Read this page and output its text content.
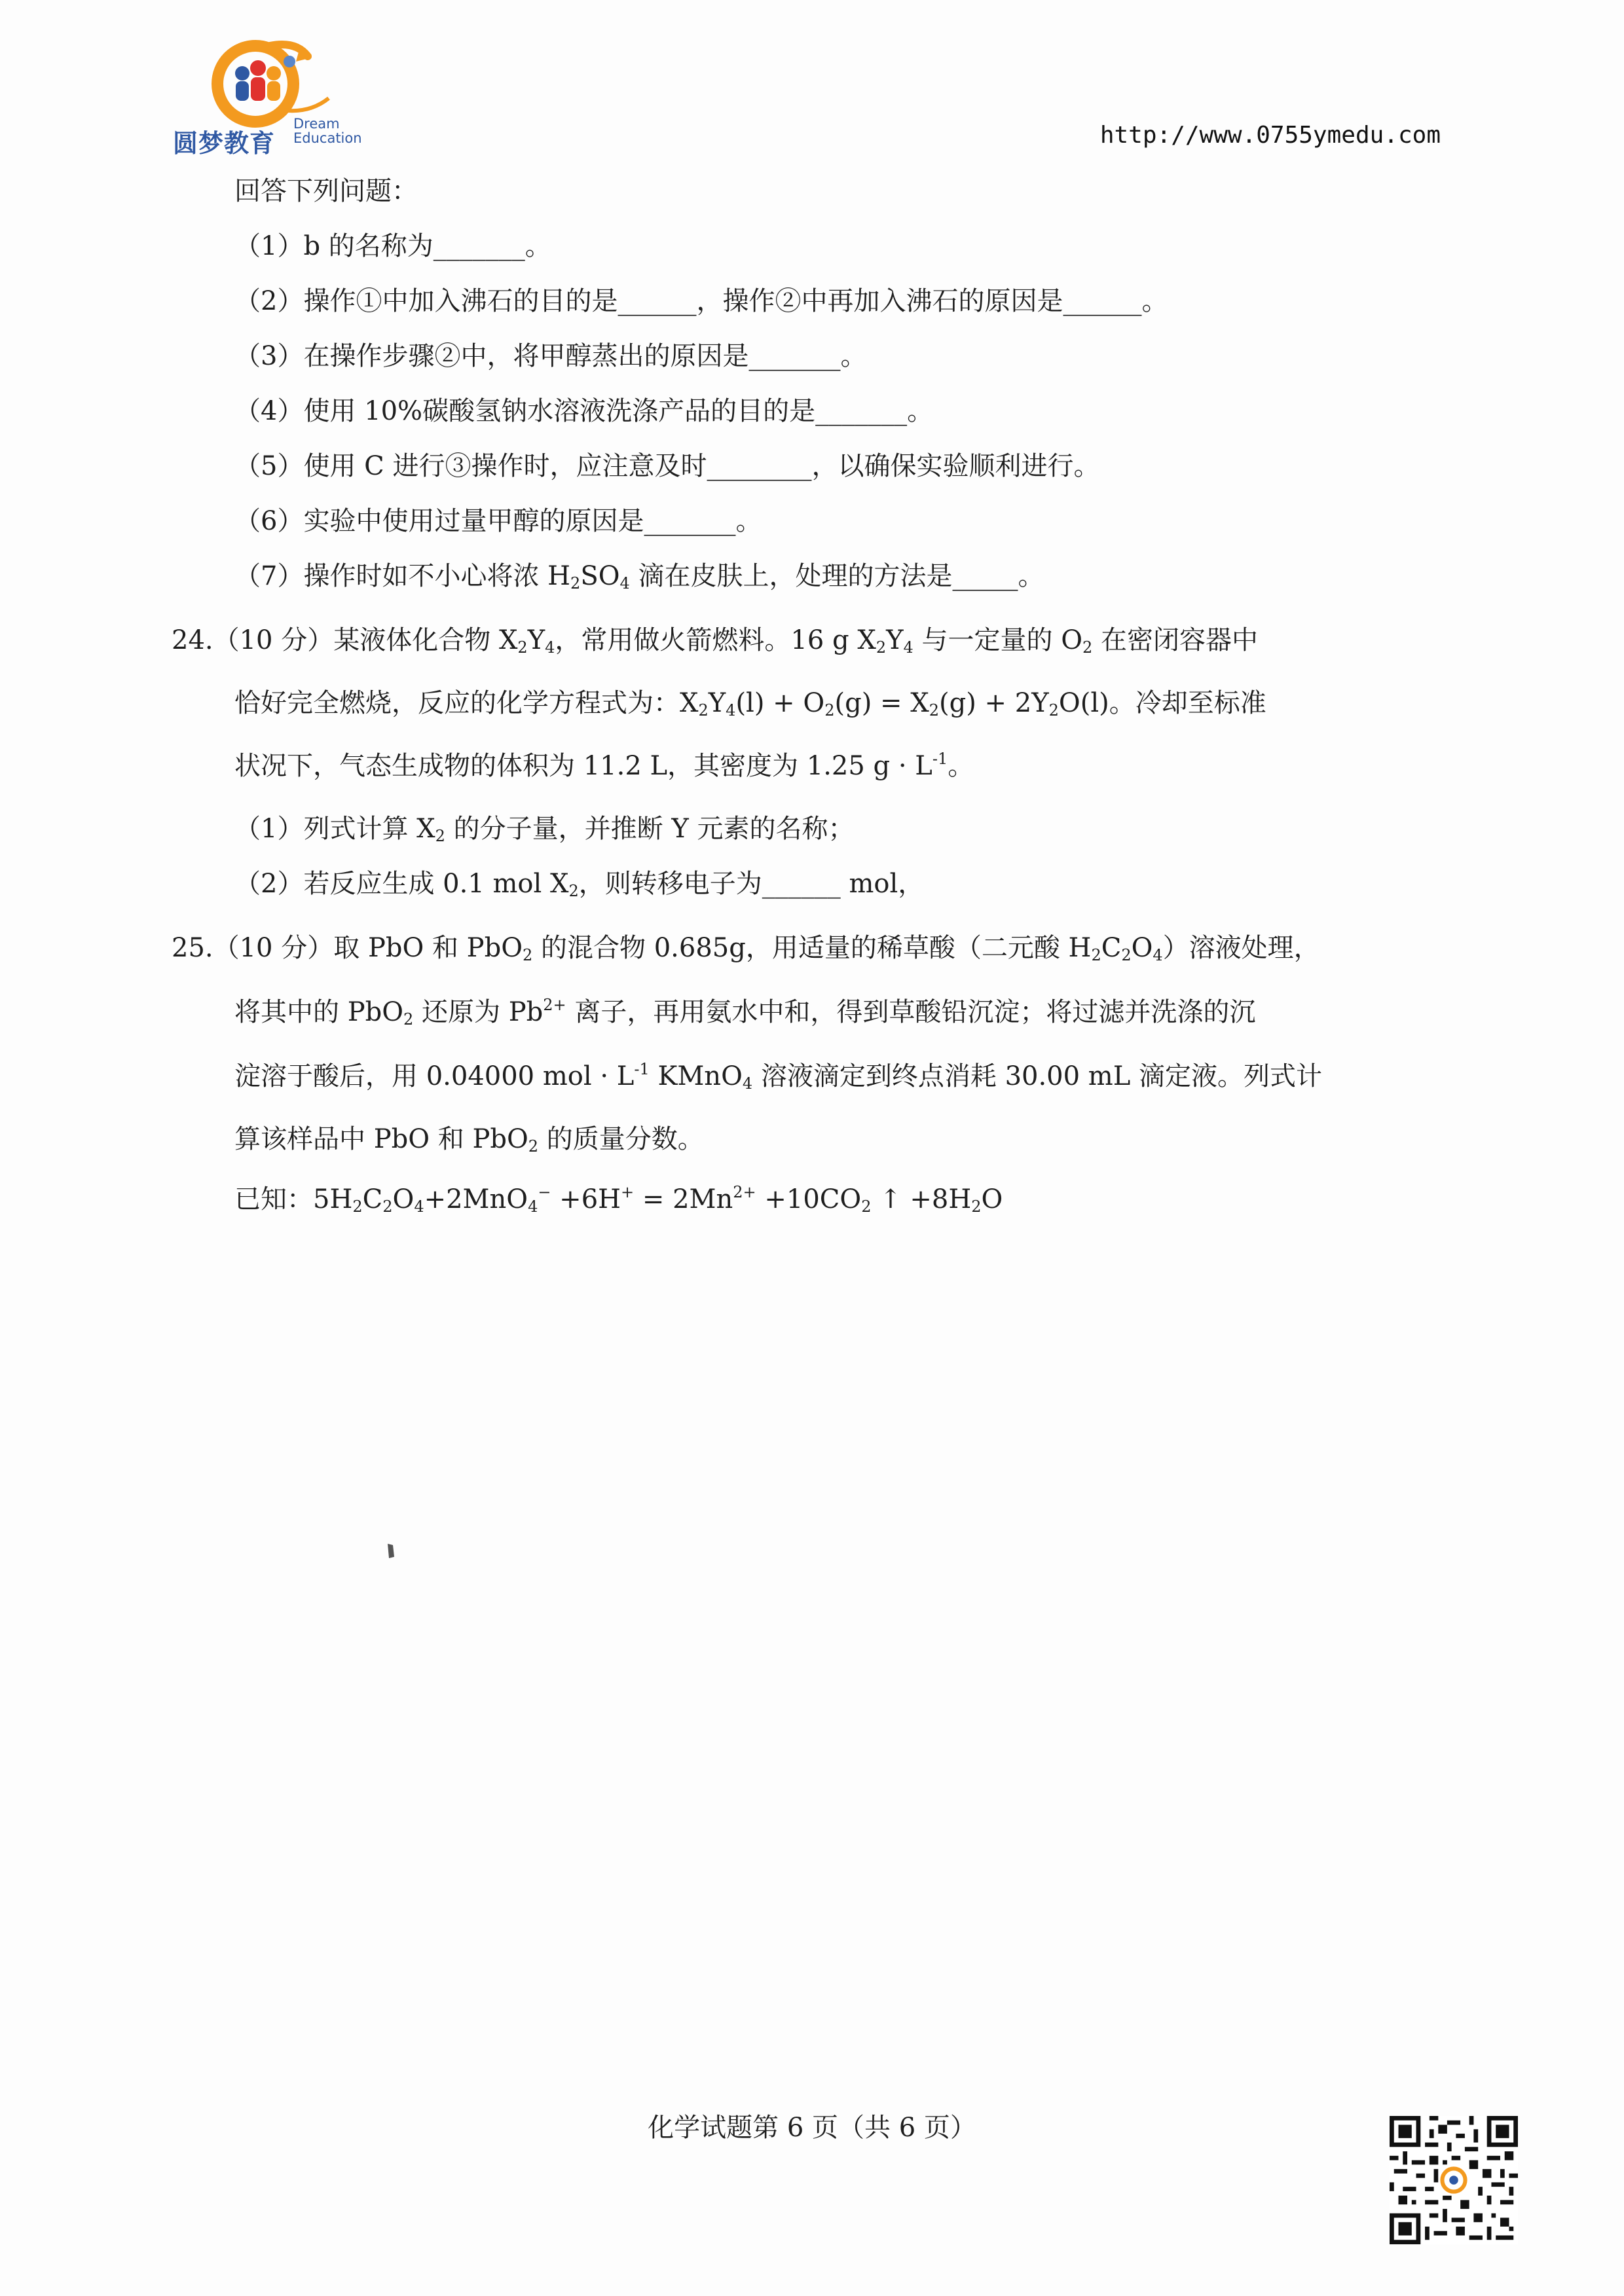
圆梦教育
Dream
Education	http://www.0755ymedu.com
回答下列问题：
（1）b 的名称为_______。
（2）操作①中加入沸石的目的是______，操作②中再加入沸石的原因是______。
（3）在操作步骤②中，将甲醇蒸出的原因是_______。
（4）使用 10%碳酸氢钠水溶液洗涤产品的目的是_______。
（5）使用 C 进行③操作时，应注意及时________，以确保实验顺利进行。
（6）实验中使用过量甲醇的原因是_______。
（7）操作时如不小心将浓 $H_2SO_4$ 滴在皮肤上，处理的方法是_____。
24.（10 分）某液体化合物 $X_2Y_4$，常用做火箭燃料。16 g $X_2Y_4$ 与一定量的 $O_2$ 在密闭容器中
恰好完全燃烧，反应的化学方程式为：$X_2Y_4(l) + O_2(g) = X_2(g) + 2Y_2O(l)$。冷却至标准
状况下，气态生成物的体积为 11.2 L，其密度为 1.25 $g \cdot L^{-1}$。
（1）列式计算 $X_2$ 的分子量，并推断 Y 元素的名称；
（2）若反应生成 0.1 mol $X_2$，则转移电子为______ mol，
25.（10 分）取 PbO 和 PbO$_2$ 的混合物 0.685g，用适量的稀草酸（二元酸 $H_2C_2O_4$）溶液处理，
将其中的 PbO$_2$ 还原为 $Pb^{2+}$ 离子，再用氨水中和，得到草酸铅沉淀；将过滤并洗涤的沉
淀溶于酸后，用 0.04000 mol · $L^{-1}$ KMnO$_4$ 溶液滴定到终点消耗 30.00 mL 滴定液。列式计
算该样品中 PbO 和 PbO$_2$ 的质量分数。
已知：$5H_2C_2O_4+2MnO_4^- +6H^+ = 2Mn^{2+} +10CO_2$ ↑ $+8H_2O$
化学试题第 6 页（共 6 页）
